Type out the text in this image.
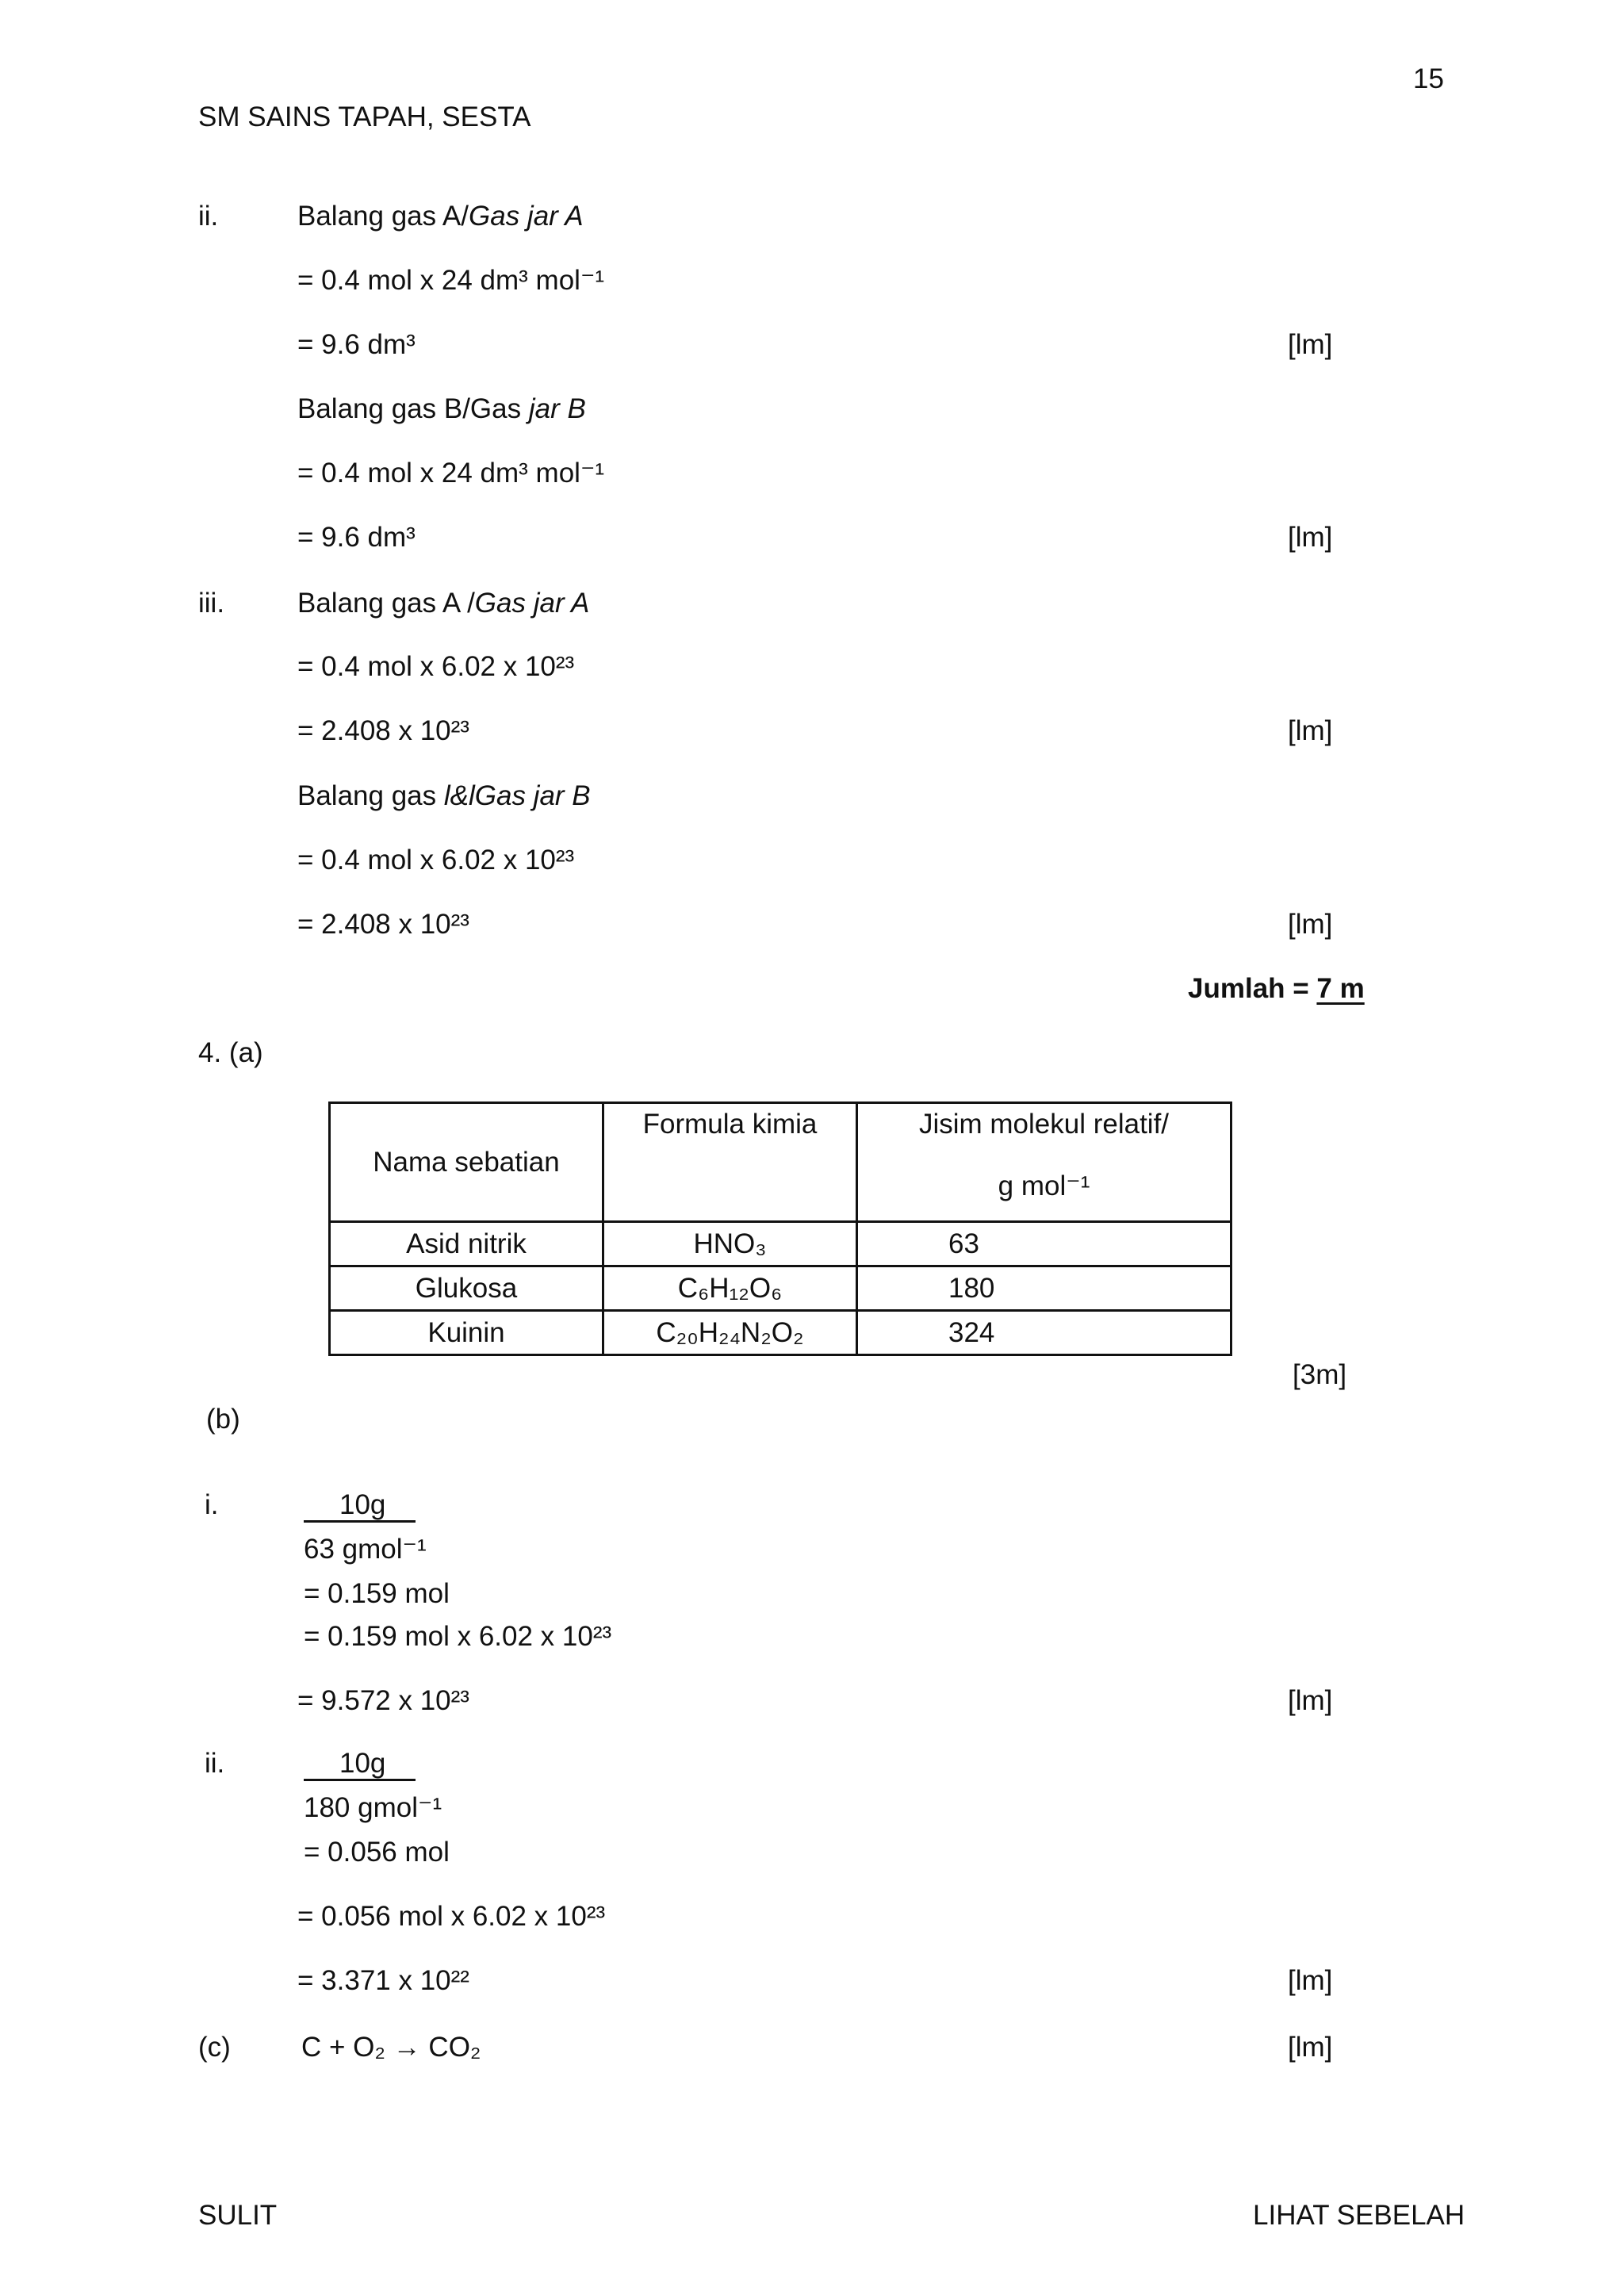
15
SM SAINS TAPAH, SESTA
ii.	Balang gas A/Gas jar A
= 0.4 mol x 24 dm³ mol⁻¹
= 9.6 dm³	[lm]
Balang gas B/Gas jar B
= 0.4 mol x 24 dm³ mol⁻¹
= 9.6 dm³	[lm]
iii.	Balang gas A /Gas jar A
= 0.4 mol x 6.02 x 10²³
= 2.408 x 10²³	[lm]
Balang gas l&lGas jar B
= 0.4 mol x 6.02 x 10²³
= 2.408 x 10²³	[lm]
Jumlah = 7 m
4. (a)
Nama sebatian	Formula kimia	Jisim molekul relatif/
g mol⁻¹

Asid nitrik	HNO₃	63
Glukosa	C₆H₁₂O₆	180
Kuinin	C₂₀H₂₄N₂O₂	324
[3m]
(b)
i.	10g
63 gmol⁻¹
= 0.159 mol
= 0.159 mol x 6.02 x 10²³
= 9.572 x 10²³	[lm]
ii.	10g
180 gmol⁻¹
= 0.056 mol
= 0.056 mol x 6.02 x 10²³
= 3.371 x 10²²	[lm]
(c)	C + O₂ → CO₂	[lm]
SULIT	LIHAT SEBELAH
